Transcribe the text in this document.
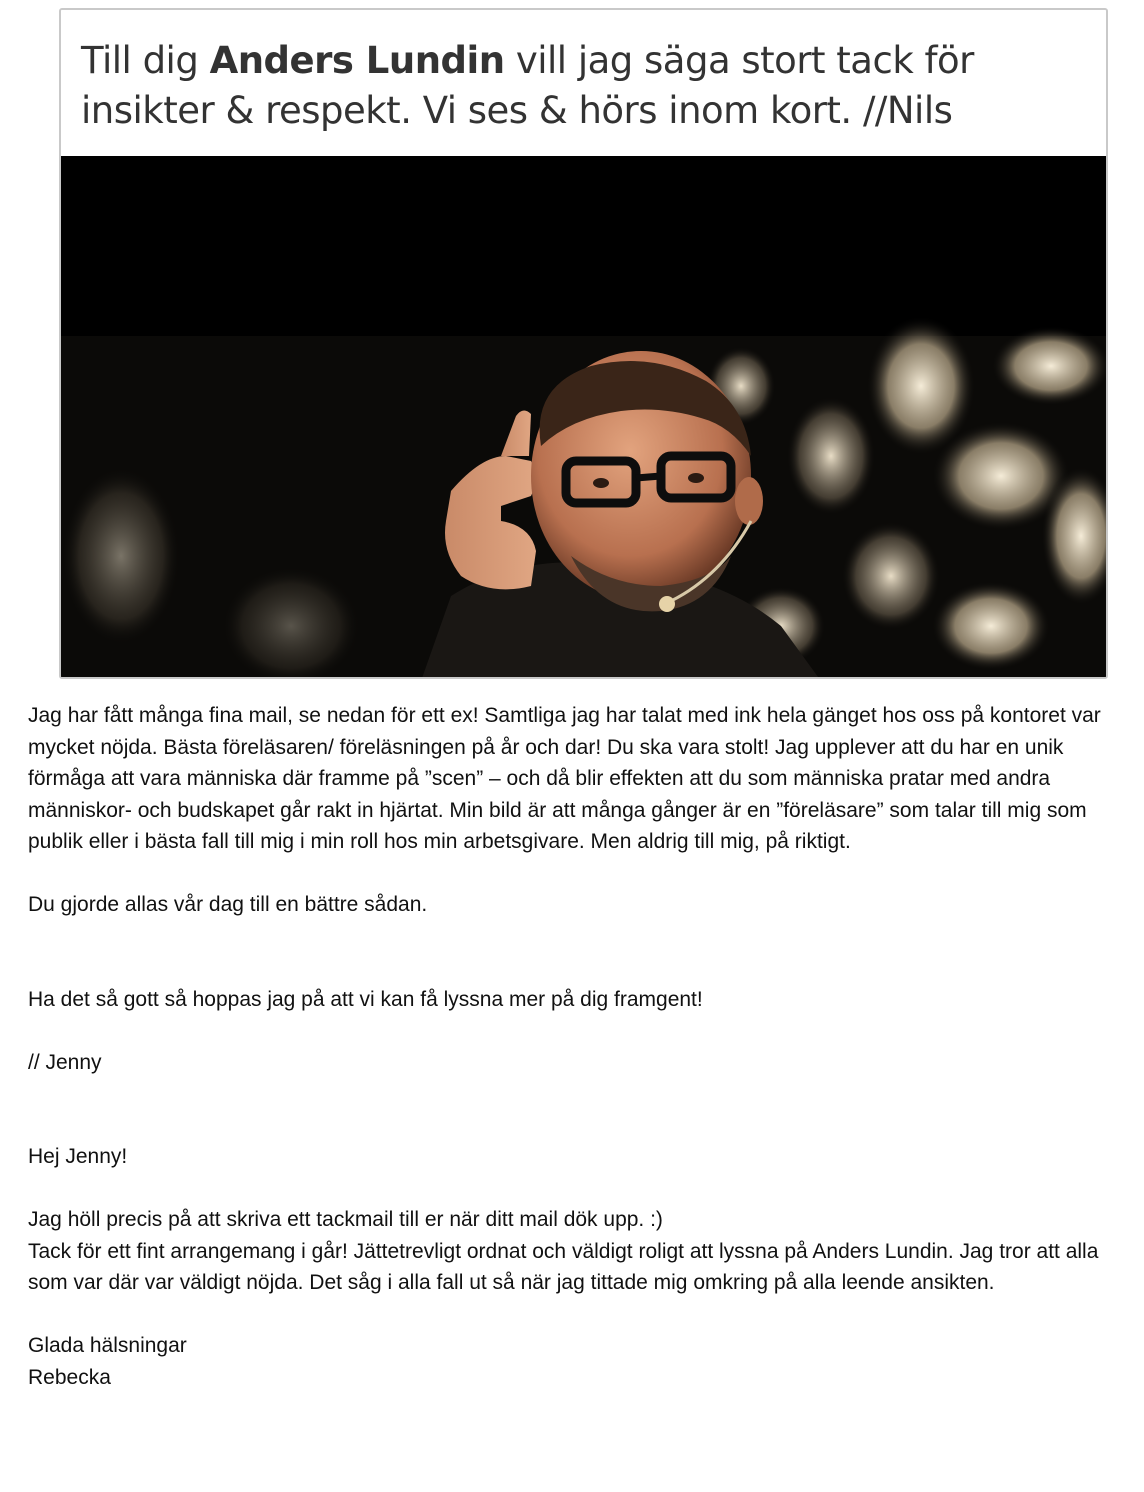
Till dig Anders Lundin vill jag säga stort tack för insikter & respekt. Vi ses & hörs inom kort. //Nils

Jag har fått många fina mail, se nedan för ett ex! Samtliga jag har talat med ink hela gänget hos oss på kontoret var mycket nöjda. Bästa föreläsaren/ föreläsningen på år och dar! Du ska vara stolt! Jag upplever att du har en unik förmåga att vara människa där framme på ”scen” – och då blir effekten att du som människa pratar med andra människor- och budskapet går rakt in hjärtat. Min bild är att många gånger är en ”föreläsare” som talar till mig som publik eller i bästa fall till mig i min roll hos min arbetsgivare. Men aldrig till mig, på riktigt.

Du gjorde allas vår dag till en bättre sådan.

Ha det så gott så hoppas jag på att vi kan få lyssna mer på dig framgent!

// Jenny

Hej Jenny!

Jag höll precis på att skriva ett tackmail till er när ditt mail dök upp. :)

Tack för ett fint arrangemang i går! Jättetrevligt ordnat och väldigt roligt att lyssna på Anders Lundin. Jag tror att alla som var där var väldigt nöjda. Det såg i alla fall ut så när jag tittade mig omkring på alla leende ansikten.

Glada hälsningar

Rebecka
